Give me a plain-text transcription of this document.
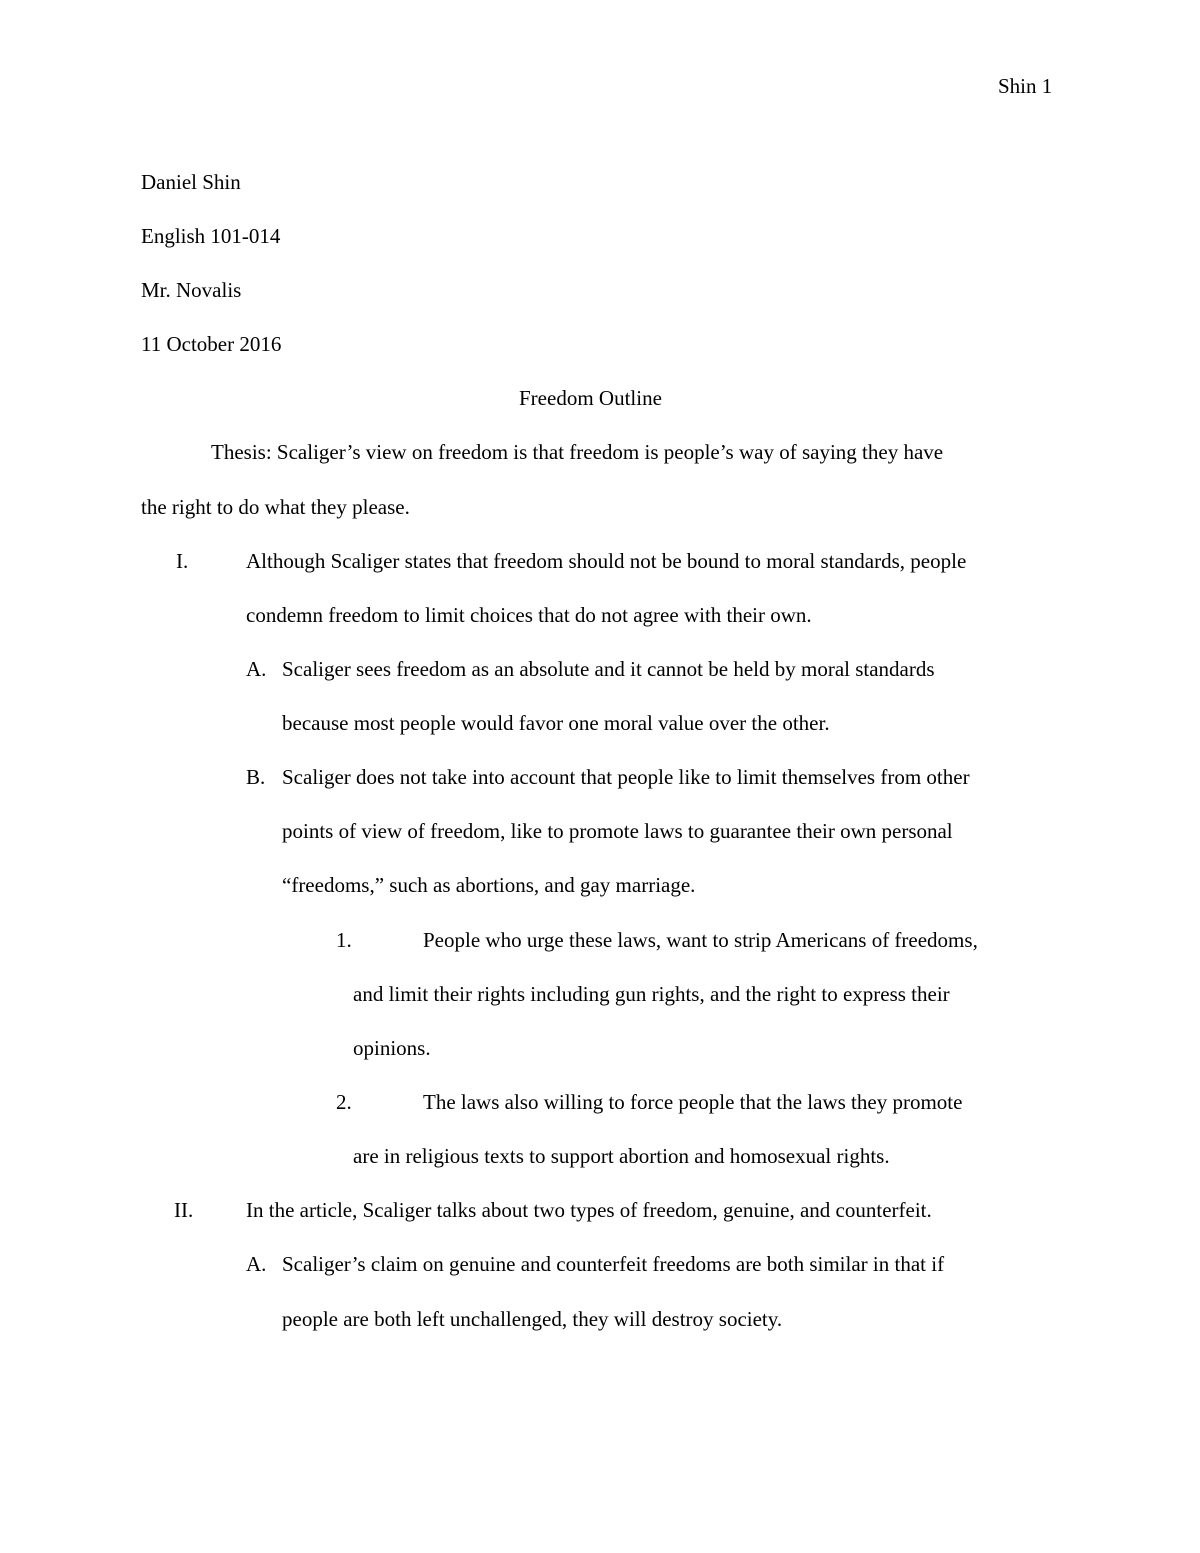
Shin 1
Daniel Shin
English 101-014
Mr. Novalis
11 October 2016
Freedom Outline
Thesis: Scaliger’s view on freedom is that freedom is people’s way of saying they have
the right to do what they please.
I.	Although Scaliger states that freedom should not be bound to moral standards, people
condemn freedom to limit choices that do not agree with their own.
A. Scaliger sees freedom as an absolute and it cannot be held by moral standards
because most people would favor one moral value over the other.
B. Scaliger does not take into account that people like to limit themselves from other
points of view of freedom, like to promote laws to guarantee their own personal
“freedoms,” such as abortions, and gay marriage.
1.	People who urge these laws, want to strip Americans of freedoms,
and limit their rights including gun rights, and the right to express their
opinions.
2.	The laws also willing to force people that the laws they promote
are in religious texts to support abortion and homosexual rights.
II.	In the article, Scaliger talks about two types of freedom, genuine, and counterfeit.
A. Scaliger’s claim on genuine and counterfeit freedoms are both similar in that if
people are both left unchallenged, they will destroy society.
